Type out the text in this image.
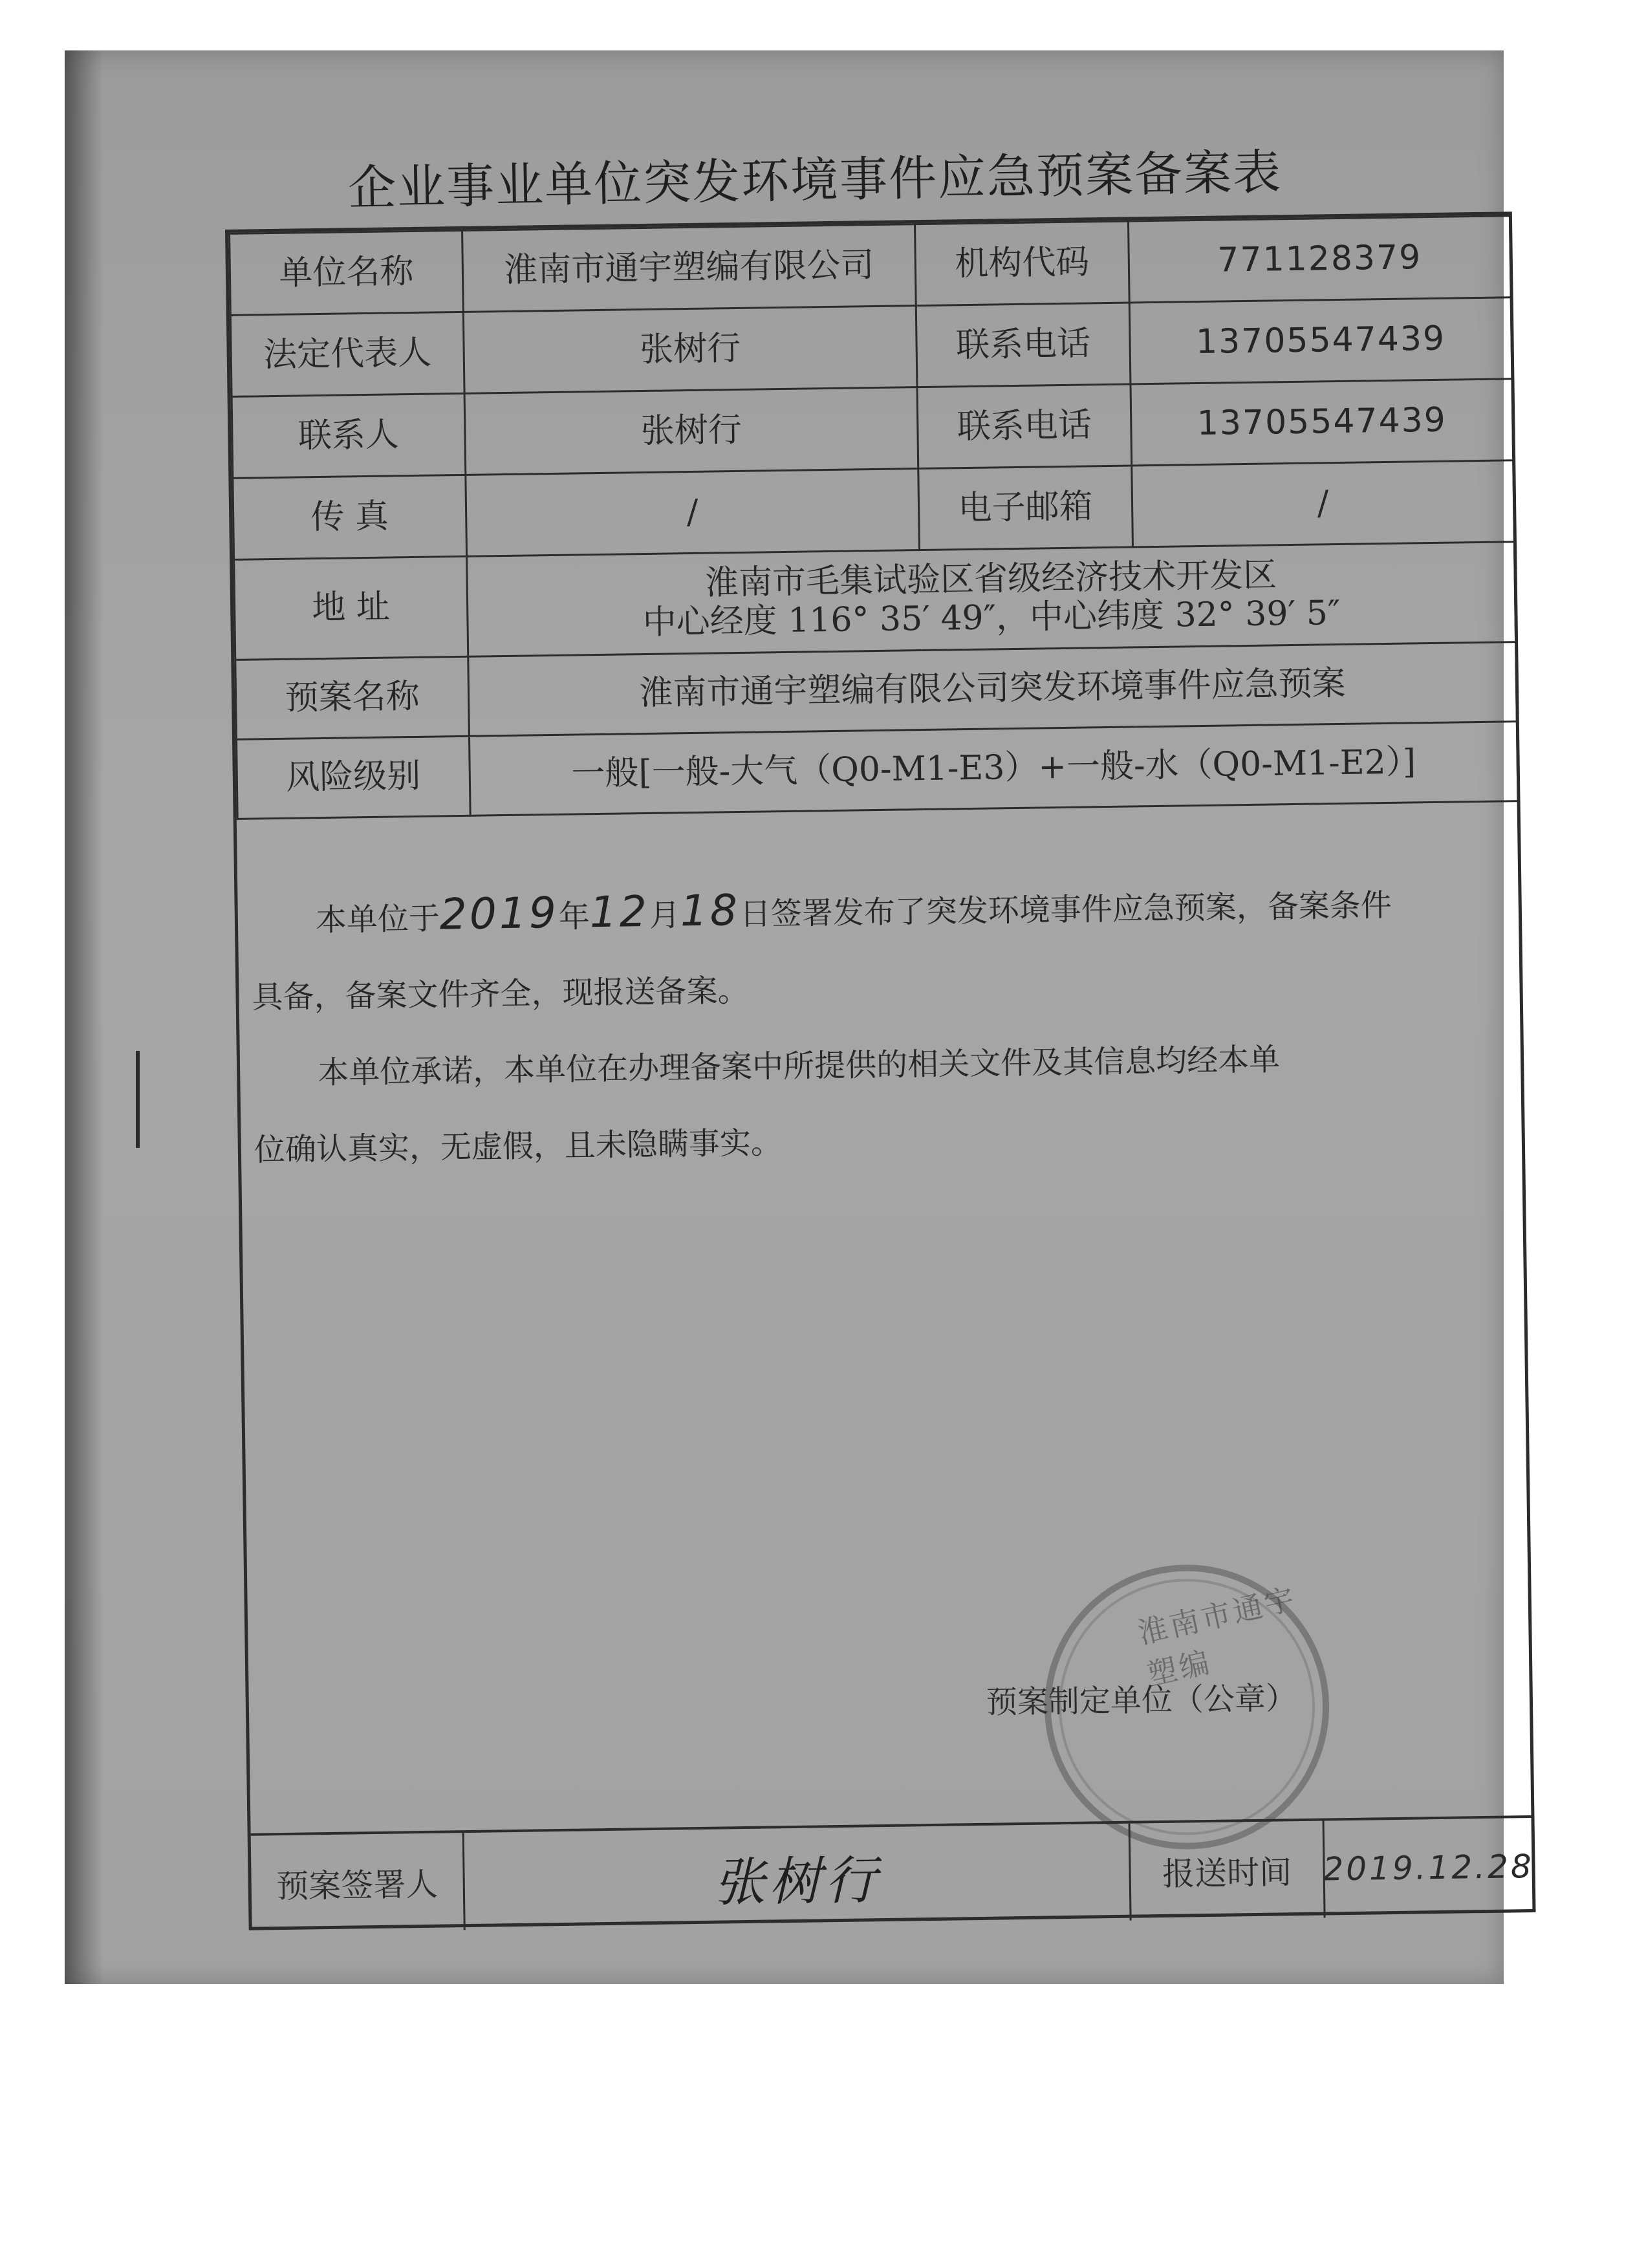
企业事业单位突发环境事件应急预案备案表
单位名称	淮南市通宇塑编有限公司	机构代码	771128379
法定代表人	张树行	联系电话	13705547439
联系人	张树行	联系电话	13705547439
传 真	/	电子邮箱	/
地 址	淮南市毛集试验区省级经济技术开发区
中心经度 116° 35′ 49″，中心纬度 32° 39′ 5″		

预案名称	淮南市通宇塑编有限公司突发环境事件应急预案		
风险级别	一般[一般-大气（Q0-M1-E3）+一般-水（Q0-M1-E2）]		

本单位于2019年12月18日签署发布了突发环境事件应急预案，备案条件

具备，备案文件齐全，现报送备案。

本单位承诺，本单位在办理备案中所提供的相关文件及其信息均经本单

位确认真实，无虚假，且未隐瞒事实。

淮南市通宇塑编
预案制定单位（公章）
预案签署人	张树行	报送时间 2019.12.28
